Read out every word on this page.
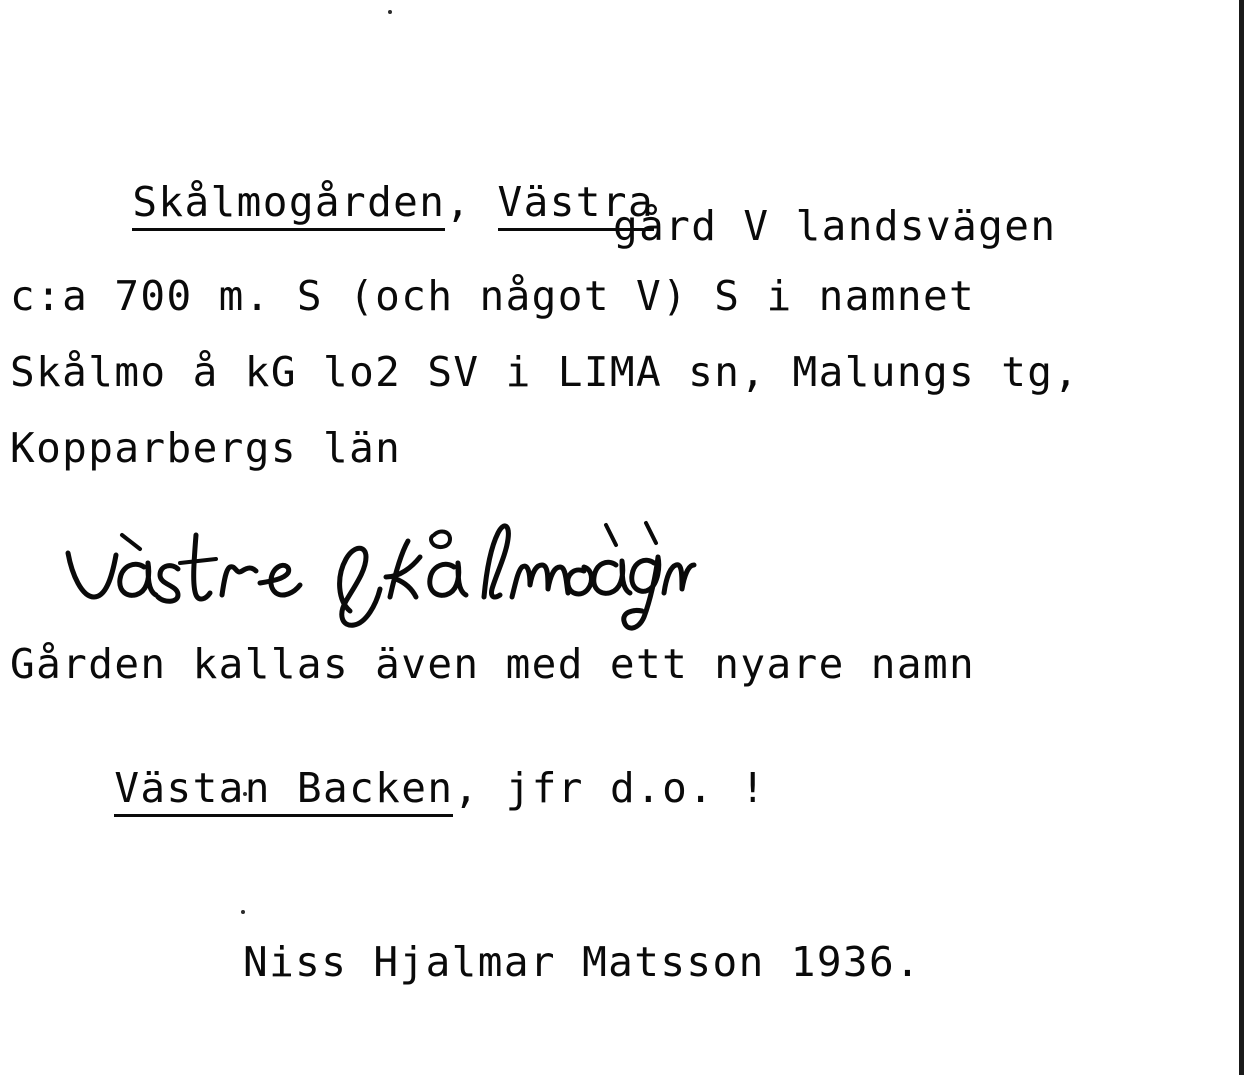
Skålmogården, Västra

gård V landsvägen
c:a 700 m. S (och något V) S i namnet
Skålmo å kG lo2 SV i LIMA sn, Malungs tg,
Kopparbergs län
Gården kallas även med ett nyare namn

Västan Backen, jfr d.o. !

Niss Hjalmar Matsson 1936.
